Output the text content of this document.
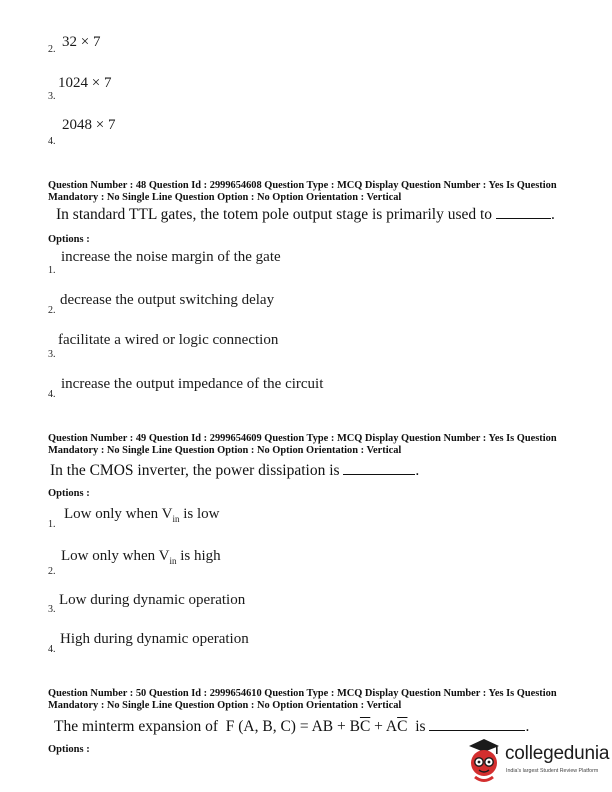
2. 32 × 7
3.
1024 × 7
4.
2048 × 7
Question Number : 48 Question Id : 2999654608 Question Type : MCQ Display Question Number : Yes Is Question
Mandatory : No Single Line Question Option : No Option Orientation : Vertical
In standard TTL gates, the totem pole output stage is primarily used to	.
Options :
1.
increase the noise margin of the gate
2.
decrease the output switching delay
3.
facilitate a wired or logic connection
4.
increase the output impedance of the circuit
Question Number : 49 Question Id : 2999654609 Question Type : MCQ Display Question Number : Yes Is Question
Mandatory : No Single Line Question Option : No Option Orientation : Vertical
In the CMOS inverter, the power dissipation is	.
Options :
1.
Low only when $V_{in}$ is low
2.
Low only when $V_{in}$ is high
3.
Low during dynamic operation
4.
High during dynamic operation
Question Number : 50 Question Id : 2999654610 Question Type : MCQ Display Question Number : Yes Is Question
Mandatory : No Single Line Question Option : No Option Orientation : Vertical
The minterm expansion of F (A, B, C) = AB + $B\overline{C} + A\overline{C}$ is	.
Options :	collegedunia
India's largest Student Review Platform
